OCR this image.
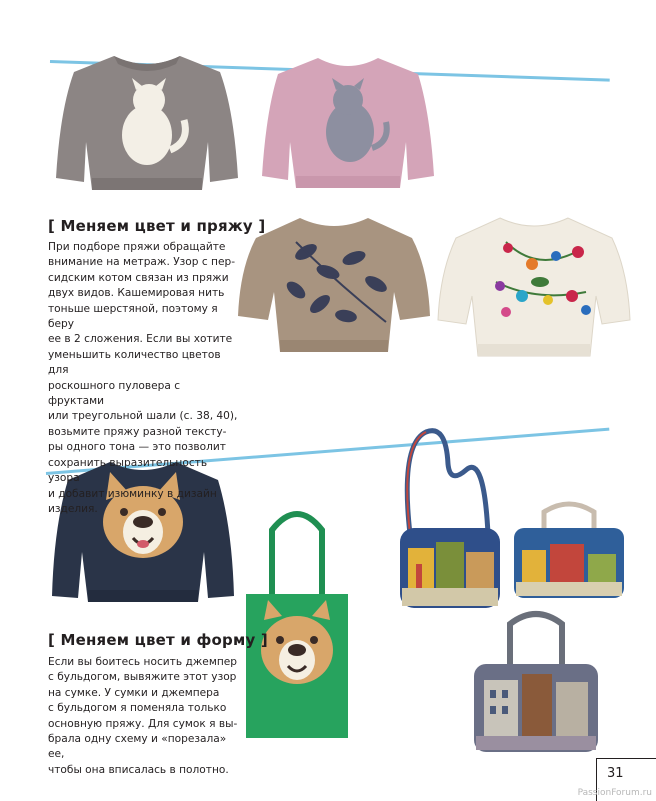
[ Меняем цвет и пряжу ]
При подборе пряжи обращайте
внимание на метраж. Узор с пер-
сидским котом связан из пряжи
двух видов. Кашемировая нить
тоньше шерстяной, поэтому я беру
ее в 2 сложения. Если вы хотите
уменьшить количество цветов для
роскошного пуловера с фруктами
или треугольной шали (с. 38, 40),
возьмите пряжу разной тексту-
ры одного тона — это позволит
сохранить выразительность узора
и добавит изюминку в дизайн
изделия.
[ Меняем цвет и форму ]
Если вы боитесь носить джемпер
с бульдогом, вывяжите этот узор
на сумке. У сумки и джемпера
с бульдогом я поменяла только
основную пряжу. Для сумок я вы-
брала одну схему и «порезала» ее,
чтобы она вписалась в полотно.	31
PassionForum.ru
